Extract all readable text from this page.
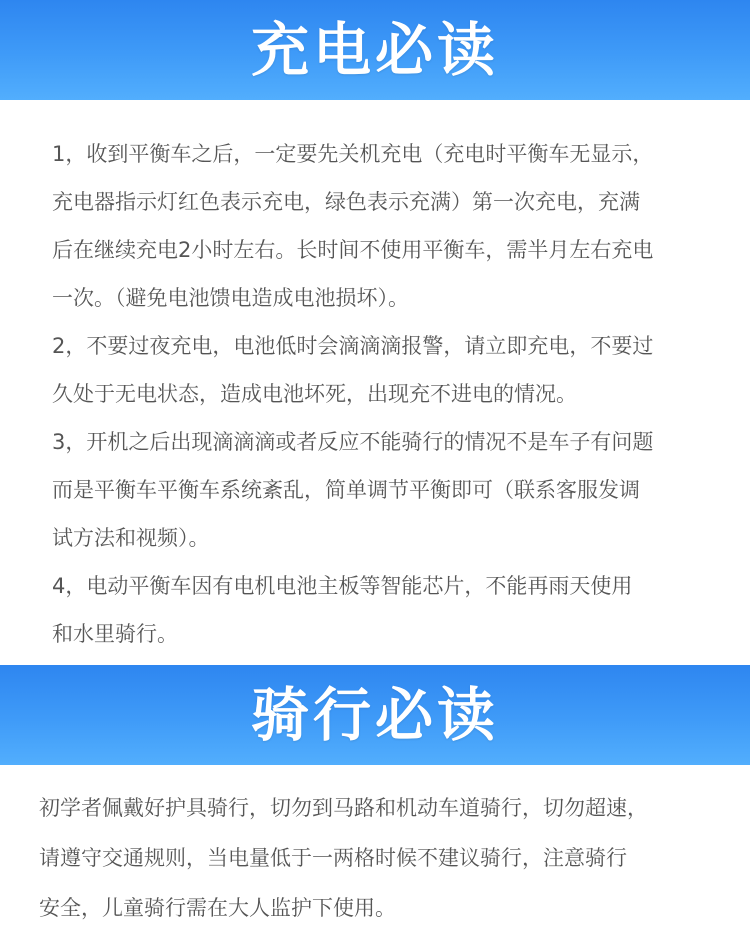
充电必读

1，收到平衡车之后，一定要先关机充电（充电时平衡车无显示，

充电器指示灯红色表示充电，绿色表示充满）第一次充电，充满

后在继续充电2小时左右。长时间不使用平衡车，需半月左右充电

一次。（避免电池馈电造成电池损坏）。

2，不要过夜充电，电池低时会滴滴滴报警，请立即充电，不要过

久处于无电状态，造成电池坏死，出现充不进电的情况。

3，开机之后出现滴滴滴或者反应不能骑行的情况不是车子有问题

而是平衡车平衡车系统紊乱，简单调节平衡即可（联系客服发调

试方法和视频）。

4，电动平衡车因有电机电池主板等智能芯片，不能再雨天使用

和水里骑行。

骑行必读

初学者佩戴好护具骑行，切勿到马路和机动车道骑行，切勿超速，

请遵守交通规则，当电量低于一两格时候不建议骑行，注意骑行

安全，儿童骑行需在大人监护下使用。
